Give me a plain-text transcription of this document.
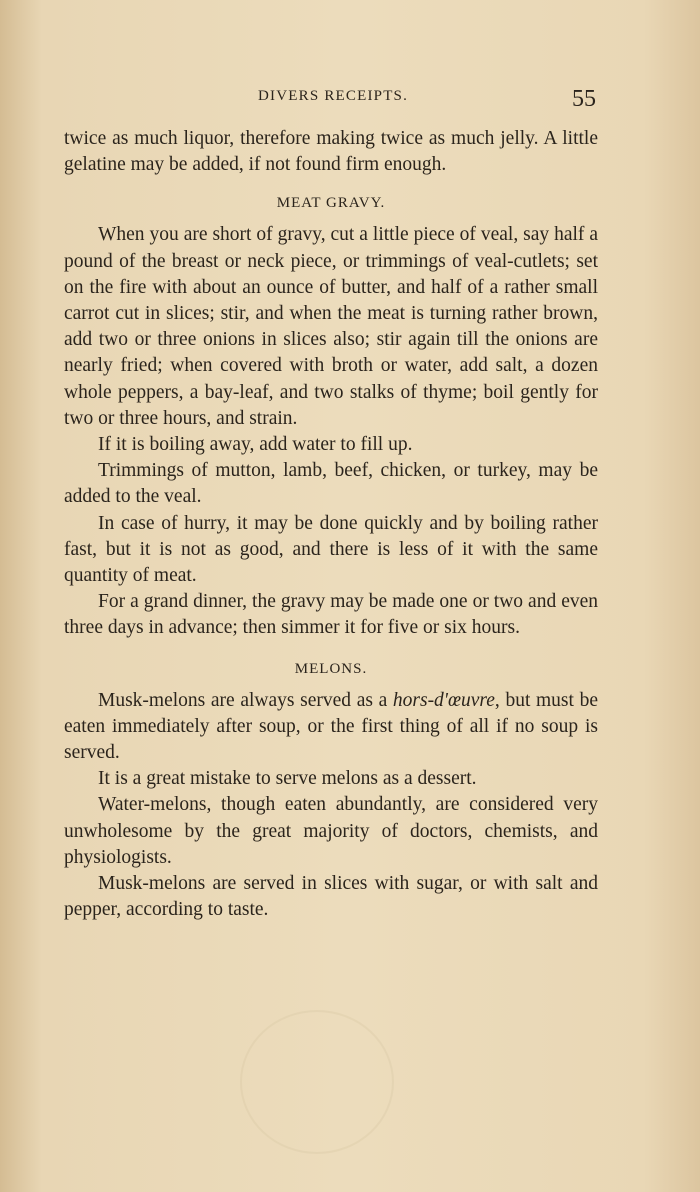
DIVERS RECEIPTS.	55

twice as much liquor, therefore making twice as much jelly. A little gelatine may be added, if not found firm enough.

MEAT GRAVY.

When you are short of gravy, cut a little piece of veal, say half a pound of the breast or neck piece, or trimmings of veal-cutlets; set on the fire with about an ounce of butter, and half of a rather small carrot cut in slices; stir, and when the meat is turning rather brown, add two or three onions in slices also; stir again till the onions are nearly fried; when covered with broth or water, add salt, a dozen whole peppers, a bay-leaf, and two stalks of thyme; boil gently for two or three hours, and strain.

If it is boiling away, add water to fill up.

Trimmings of mutton, lamb, beef, chicken, or turkey, may be added to the veal.

In case of hurry, it may be done quickly and by boiling rather fast, but it is not as good, and there is less of it with the same quantity of meat.

For a grand dinner, the gravy may be made one or two and even three days in advance; then simmer it for five or six hours.

MELONS.

Musk-melons are always served as a hors-d'œuvre, but must be eaten immediately after soup, or the first thing of all if no soup is served.

It is a great mistake to serve melons as a dessert.

Water-melons, though eaten abundantly, are considered very unwholesome by the great majority of doctors, chemists, and physiologists.

Musk-melons are served in slices with sugar, or with salt and pepper, according to taste.
